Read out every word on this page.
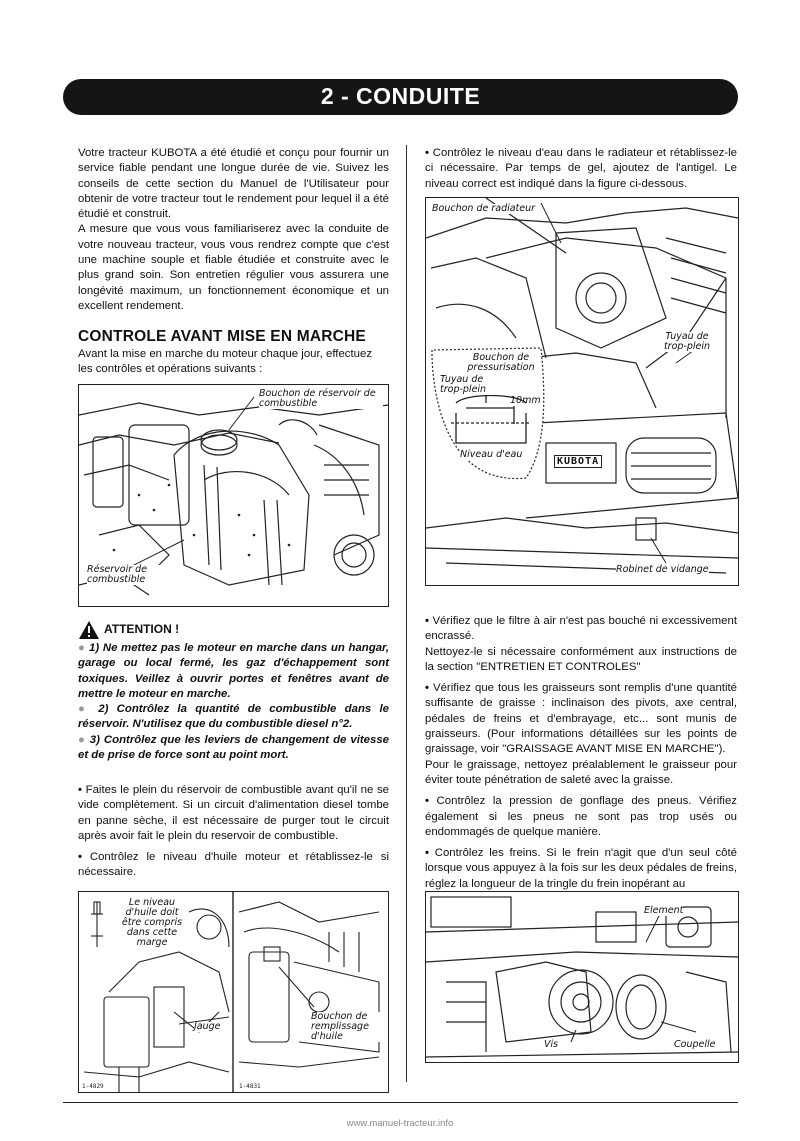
2 - CONDUITE

Votre tracteur KUBOTA a été étudié et conçu pour fournir un service fiable pendant une longue durée de vie. Suivez les conseils de cette section du Manuel de l'Utilisateur pour obtenir de votre tracteur tout le rendement pour lequel il a été étudié et construit.

A mesure que vous vous familiariserez avec la conduite de votre nouveau tracteur, vous vous rendrez compte que c'est une machine souple et fiable étudiée et construite avec le plus grand soin. Son entretien régulier vous assurera une longévité maximum, un fonctionnement économique et un excellent rendement.

CONTROLE AVANT MISE EN MARCHE

Avant la mise en marche du moteur chaque jour, effectuez les contrôles et opérations suivants :

Bouchon de réservoir de combustible
Réservoir de combustible
ATTENTION !

● 1) Ne mettez pas le moteur en marche dans un hangar, garage ou local fermé, les gaz d'échappement sont toxiques. Veillez à ouvrir portes et fenêtres avant de mettre le moteur en marche.

● 2) Contrôlez la quantité de combustible dans le réservoir. N'utilisez que du combustible diesel n°2.

● 3) Contrôlez que les leviers de changement de vitesse et de prise de force sont au point mort.

• Faites le plein du réservoir de combustible avant qu'il ne se vide complètement. Si un circuit d'alimentation diesel tombe en panne sèche, il est nécessaire de purger tout le circuit après avoir fait le plein du reservoir de combustible.

• Contrôlez le niveau d'huile moteur et rétablissez-le si nécessaire.

Le niveau d'huile doit être compris dans cette marge
Jauge
Bouchon de remplissage d'huile
1-4829	1-4831

• Contrôlez le niveau d'eau dans le radiateur et rétablissez-le ci nécessaire. Par temps de gel, ajoutez de l'antigel. Le niveau correct est indiqué dans la figure ci-dessous.

Bouchon de radiateur
Bouchon de pressurisation
Tuyau de trop-plein
10mm
Niveau d'eau
Tuyau de trop-plein
Robinet de vidange
KUBOTA

• Vérifiez que le filtre à air n'est pas bouché ni excessivement encrassé.

Nettoyez-le si nécessaire conformément aux instructions de la section "ENTRETIEN ET CONTROLES"

• Vérifiez que tous les graisseurs sont remplis d'une quantité suffisante de graisse : inclinaison des pivots, axe central, pédales de freins et d'embrayage, etc... sont munis de graisseurs. (Pour informations détaillées sur les points de graissage, voir "GRAISSAGE AVANT MISE EN MARCHE").

Pour le graissage, nettoyez préalablement le graisseur pour éviter toute pénétration de saleté avec la graisse.

• Contrôlez la pression de gonflage des pneus. Vérifiez également si les pneus ne sont pas trop usés ou endommagés de quelque manière.

• Contrôlez les freins. Si le frein n'agit que d'un seul côté lorsque vous appuyez à la fois sur les deux pédales de freins, réglez la longueur de la tringle du frein inopérant au

Element
Vis	Coupelle
www.manuel-tracteur.info
